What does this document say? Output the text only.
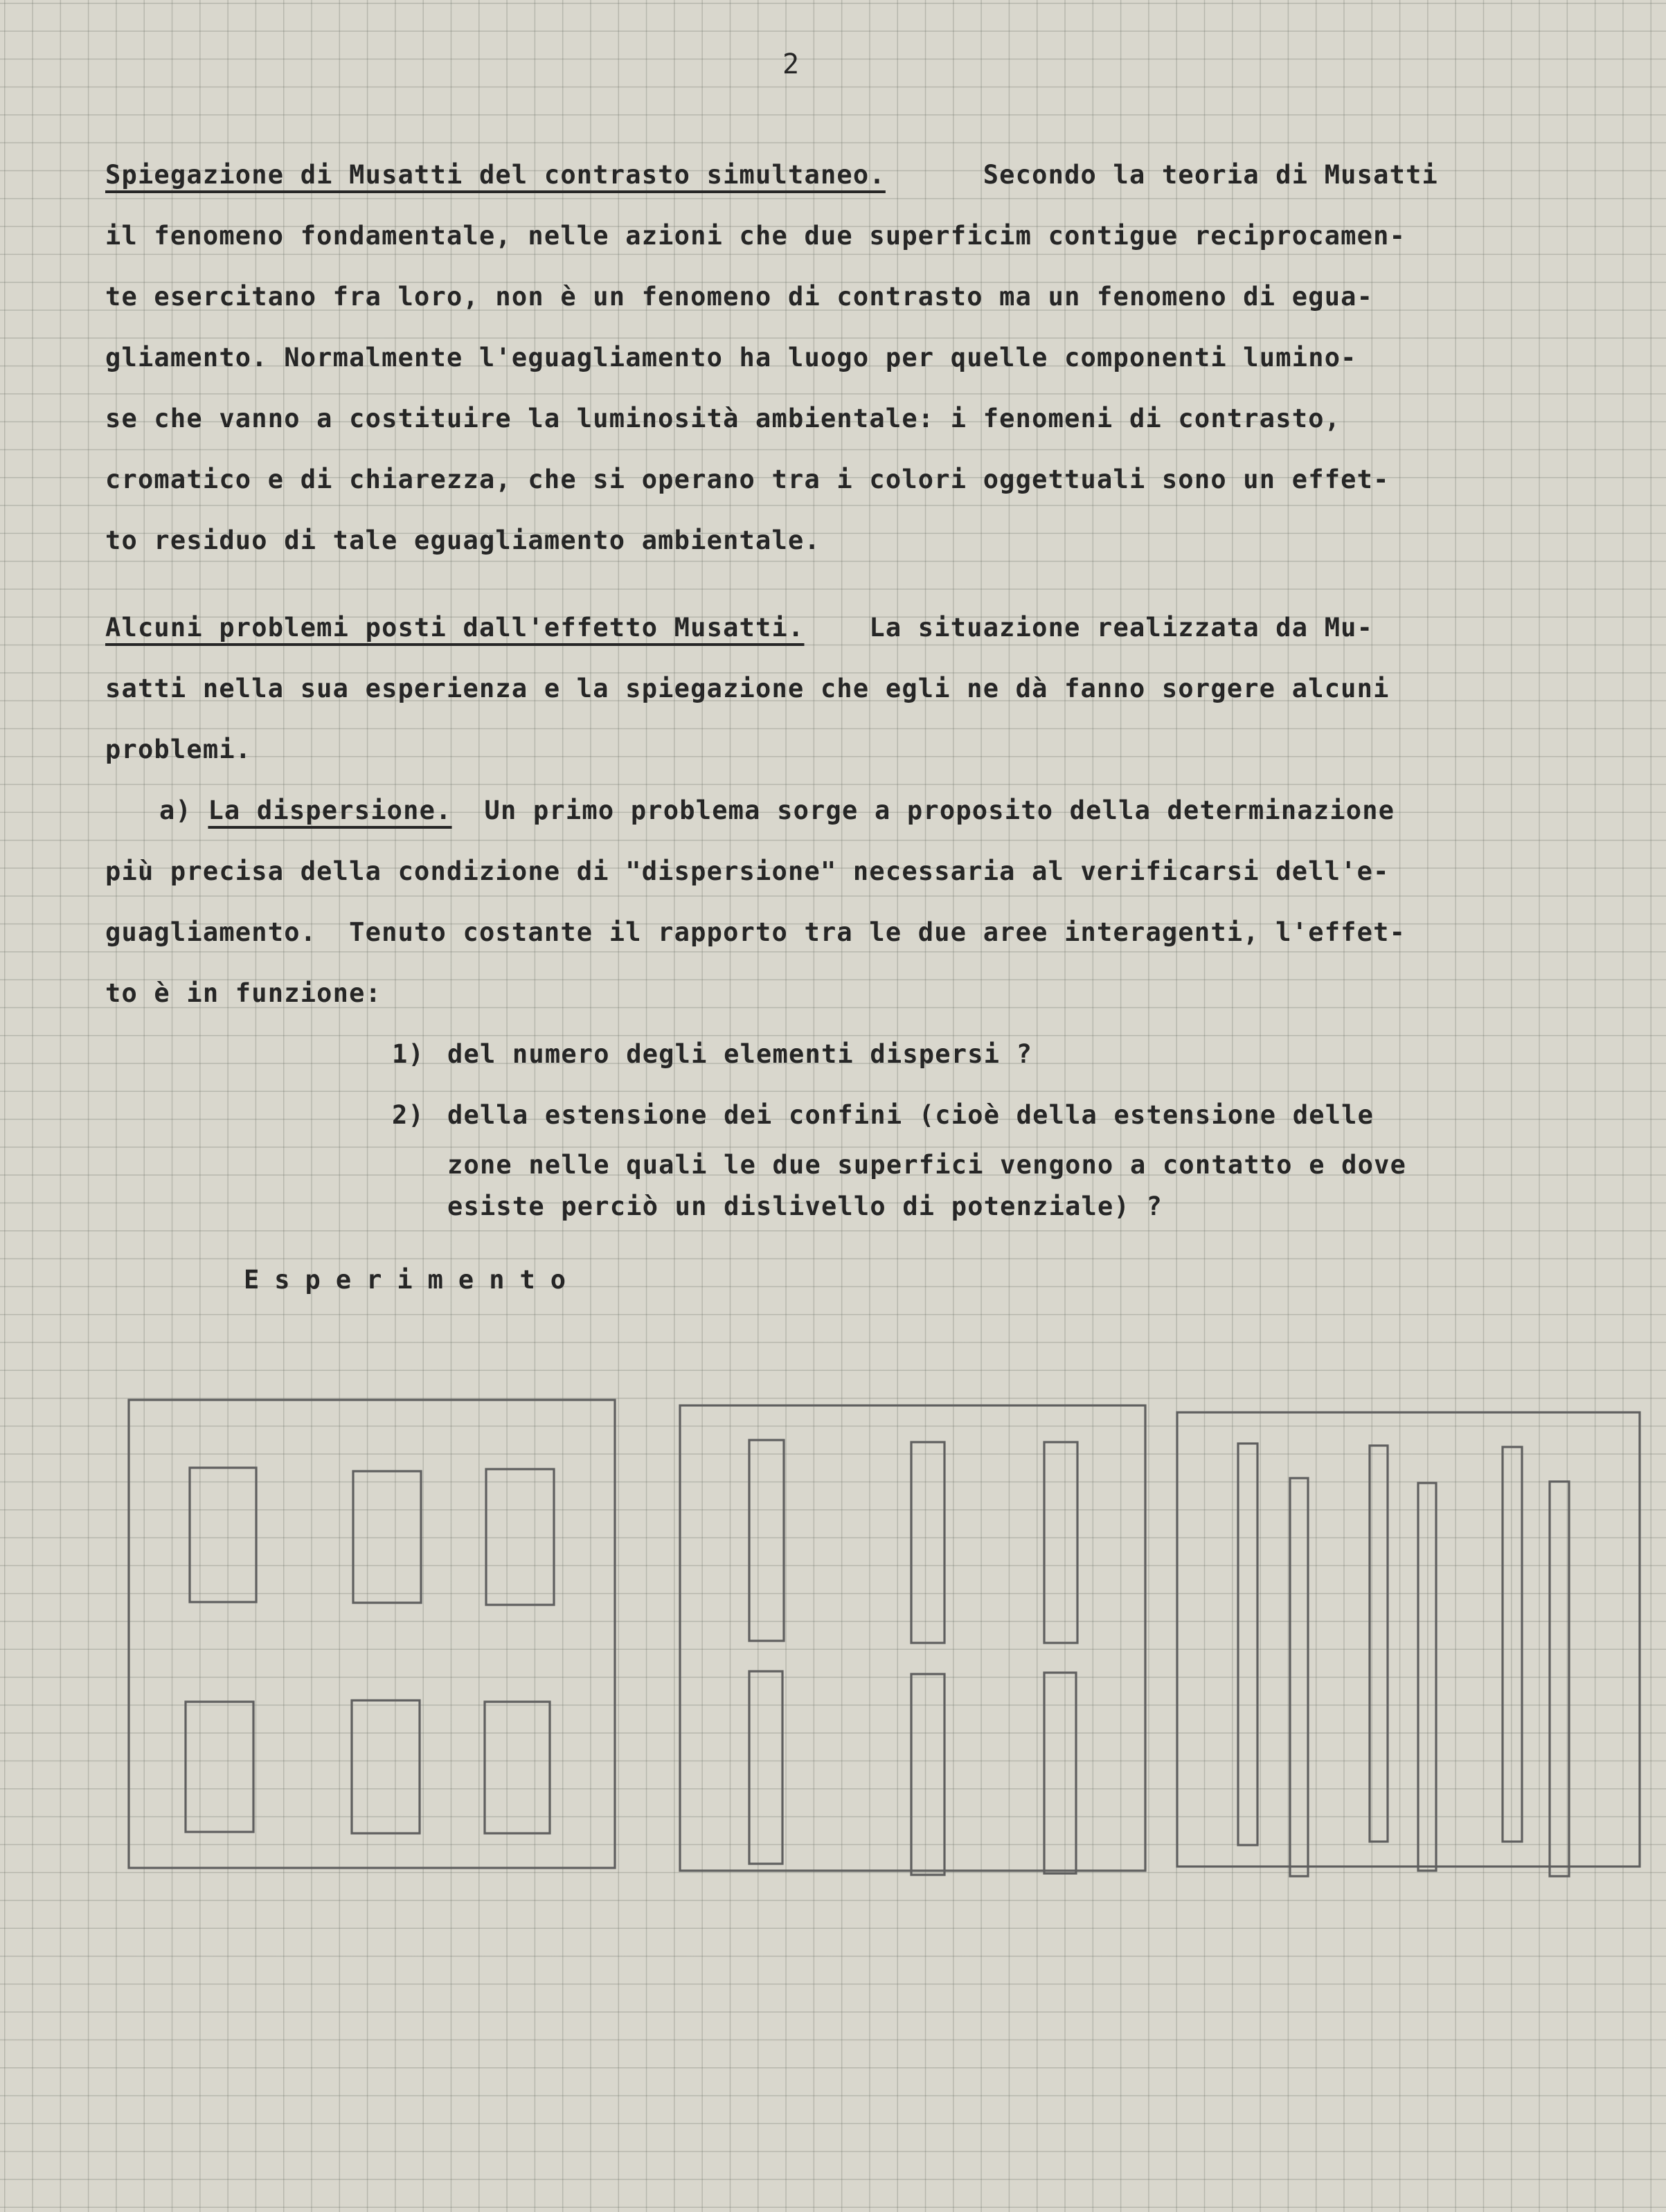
2
Spiegazione di Musatti del contrasto simultaneo.	Secondo la teoria di Musatti
il fenomeno fondamentale, nelle azioni che due superficim contigue reciprocamen-
te esercitano fra loro, non è un fenomeno di contrasto ma un fenomeno di egua-
gliamento. Normalmente l'eguagliamento ha luogo per quelle componenti lumino-
se che vanno a costituire la luminosità ambientale: i fenomeni di contrasto,
cromatico e di chiarezza, che si operano tra i colori oggettuali sono un effet-
to residuo di tale eguagliamento ambientale.
Alcuni problemi posti dall'effetto Musatti.	La situazione realizzata da Mu-
satti nella sua esperienza e la spiegazione che egli ne dà fanno sorgere alcuni
problemi.
a) La dispersione. Un primo problema sorge a proposito della determinazione
più precisa della condizione di "dispersione" necessaria al verificarsi dell'e-
guagliamento.  Tenuto costante il rapporto tra le due aree interagenti, l'effet-
to è in funzione:
1) del numero degli elementi dispersi ?
2) della estensione dei confini (cioè della estensione delle
zone nelle quali le due superfici vengono a contatto e dove
esiste perciò un dislivello di potenziale) ?
Esperimento
